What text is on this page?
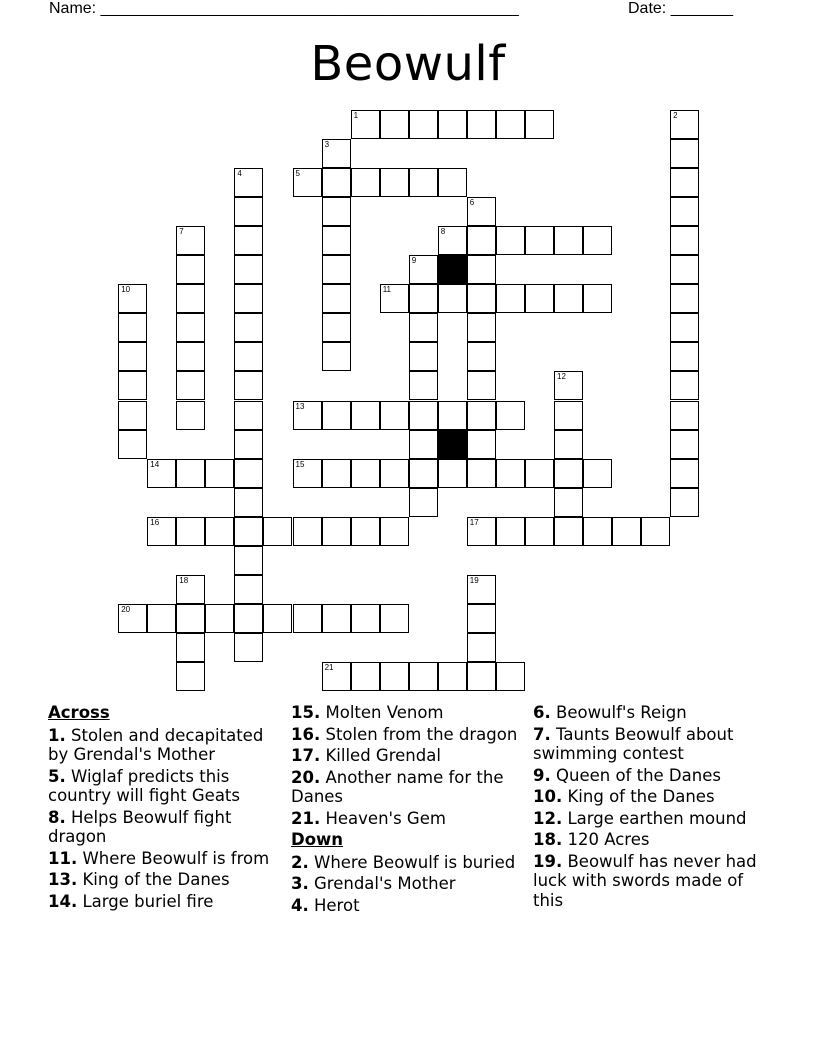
Name: _______________________________________________	Date: _______
Beowulf
1	2
3
4	5
6
7	8
9
10	11
12
13
14	15
16	17
18	19
20
21
Across
1. Stolen and decapitated by Grendal's Mother
5. Wiglaf predicts this country will fight Geats
8. Helps Beowulf fight dragon
11. Where Beowulf is from
13. King of the Danes
14. Large buriel fire
15. Molten Venom
16. Stolen from the dragon
17. Killed Grendal
20. Another name for the Danes
21. Heaven's Gem
Down
2. Where Beowulf is buried
3. Grendal's Mother
4. Herot
6. Beowulf's Reign
7. Taunts Beowulf about swimming contest
9. Queen of the Danes
10. King of the Danes
12. Large earthen mound
18. 120 Acres
19. Beowulf has never had luck with swords made of this
